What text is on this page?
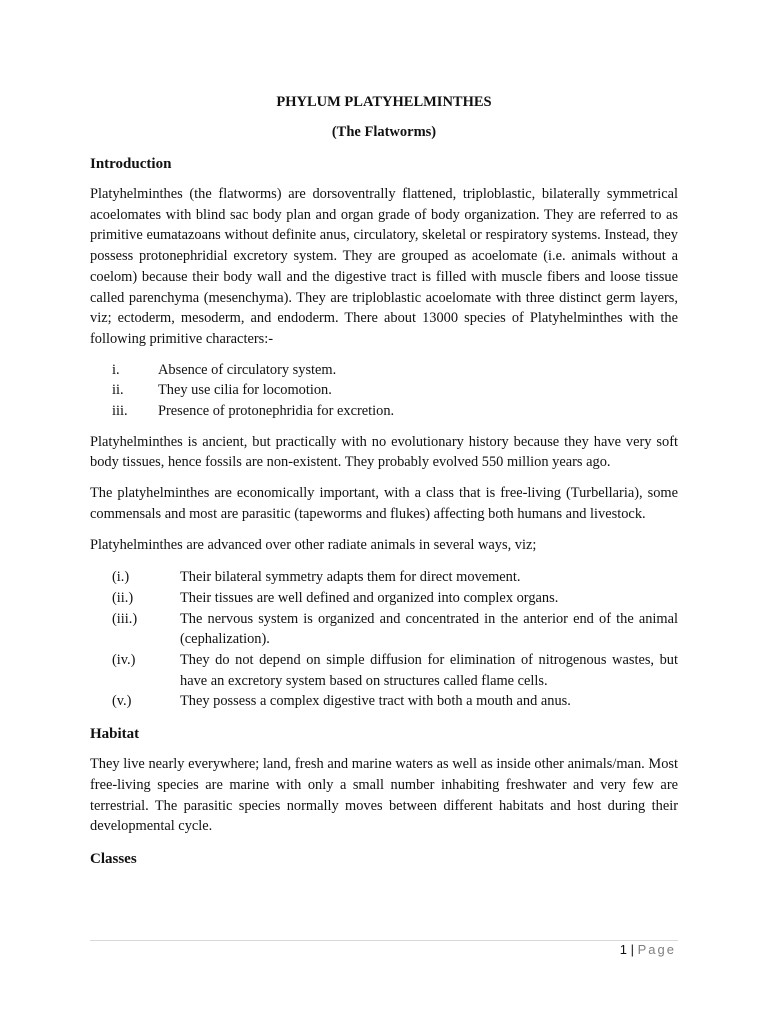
PHYLUM PLATYHELMINTHES
(The Flatworms)
Introduction

Platyhelminthes (the flatworms) are dorsoventrally flattened, triploblastic, bilaterally symmetrical acoelomates with blind sac body plan and organ grade of body organization. They are referred to as primitive eumatazoans without definite anus, circulatory, skeletal or respiratory systems. Instead, they possess protonephridial excretory system. They are grouped as acoelomate (i.e. animals without a coelom) because their body wall and the digestive tract is filled with muscle fibers and loose tissue called parenchyma (mesenchyma). They are triploblastic acoelomate with three distinct germ layers, viz; ectoderm, mesoderm, and endoderm. There about 13000 species of Platyhelminthes with the following primitive characters:-

i.	Absence of circulatory system.
ii.	They use cilia for locomotion.
iii.	Presence of protonephridia for excretion.

Platyhelminthes is ancient, but practically with no evolutionary history because they have very soft body tissues, hence fossils are non-existent. They probably evolved 550 million years ago.

The platyhelminthes are economically important, with a class that is free-living (Turbellaria), some commensals and most are parasitic (tapeworms and flukes) affecting both humans and livestock.

Platyhelminthes are advanced over other radiate animals in several ways, viz;

(i.)	Their bilateral symmetry adapts them for direct movement.
(ii.)	Their tissues are well defined and organized into complex organs.
(iii.)	The nervous system is organized and concentrated in the anterior end of the animal (cephalization).
(iv.)	They do not depend on simple diffusion for elimination of nitrogenous wastes, but have an excretory system based on structures called flame cells.
(v.)	They possess a complex digestive tract with both a mouth and anus.
Habitat

They live nearly everywhere; land, fresh and marine waters as well as inside other animals/man. Most free-living species are marine with only a small number inhabiting freshwater and very few are terrestrial. The parasitic species normally moves between different habitats and host during their developmental cycle.

Classes
1 | Page
